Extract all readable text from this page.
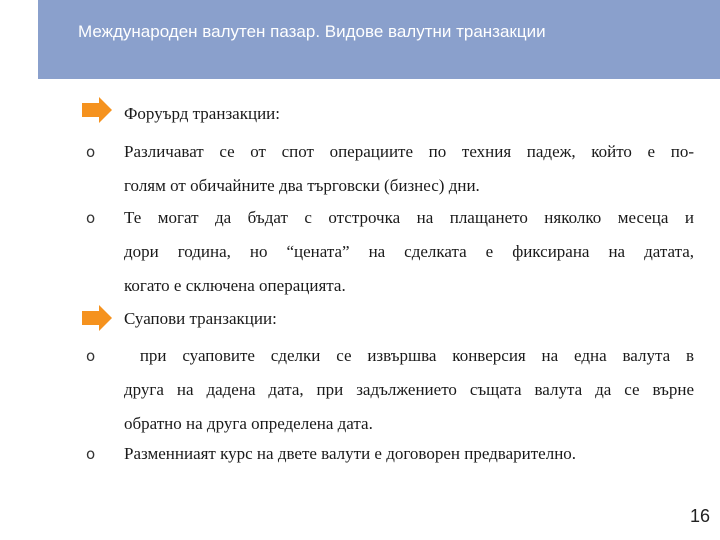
Международен валутен пазар. Видове валутни транзакции
Форуърд транзакции:
o Различават се от спот операциите по техния падеж, който е по-
голям от обичайните два търговски (бизнес) дни.
o Те могат да бъдат с отстрочка на плащането няколко месеца и
дори година, но “цената” на сделката е фиксирана на датата,
когато е сключена операцията.
Суапови транзакции:
o при суаповите сделки се извършва конверсия на една валута в
друга на дадена дата, при задължението същата валута да се върне
обратно на друга определена дата.
o Разменниаят курс на двете валути е договорен предварително.
16
